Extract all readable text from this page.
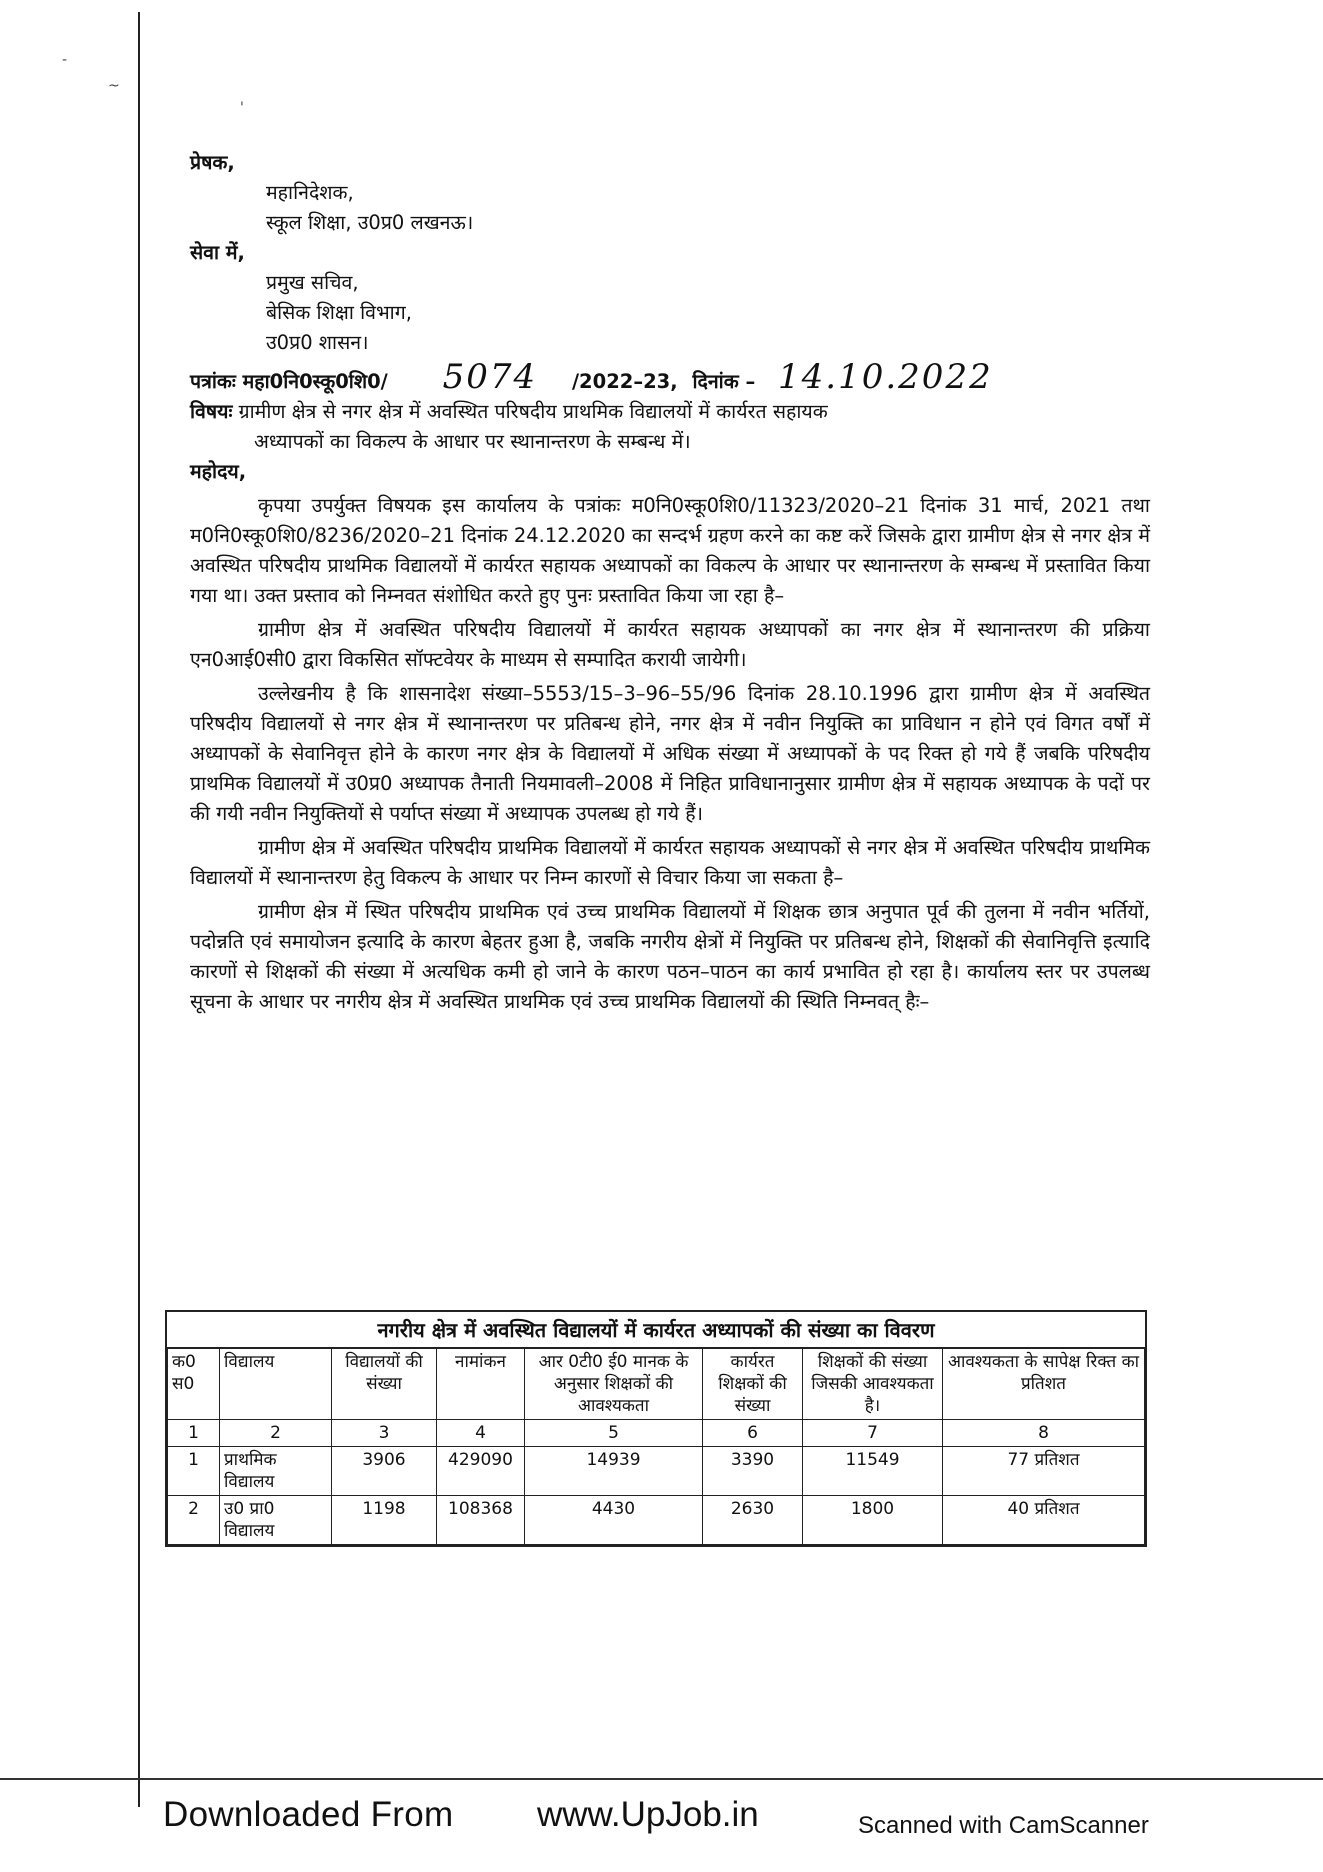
-
~
'

प्रेषक,

महानिदेशक,

स्कूल शिक्षा, उ0प्र0 लखनऊ।

सेवा में,

प्रमुख सचिव,

बेसिक शिक्षा विभाग,

उ0प्र0 शासन।

पत्रांकः महा0नि0स्कू0शि0/ 5074 /2022–23, दिनांक – 14.10.2022

विषयः ग्रामीण क्षेत्र से नगर क्षेत्र में अवस्थित परिषदीय प्राथमिक विद्यालयों में कार्यरत सहायक
अध्यापकों का विकल्प के आधार पर स्थानान्तरण के सम्बन्ध में।

महोदय,

कृपया उपर्युक्त विषयक इस कार्यालय के पत्रांकः म0नि0स्कू0शि0/11323/2020–21 दिनांक 31 मार्च, 2021 तथा म0नि0स्कू0शि0/8236/2020–21 दिनांक 24.12.2020 का सन्दर्भ ग्रहण करने का कष्ट करें जिसके द्वारा ग्रामीण क्षेत्र से नगर क्षेत्र में अवस्थित परिषदीय प्राथमिक विद्यालयों में कार्यरत सहायक अध्यापकों का विकल्प के आधार पर स्थानान्तरण के सम्बन्ध में प्रस्तावित किया गया था। उक्त प्रस्ताव को निम्नवत संशोधित करते हुए पुनः प्रस्तावित किया जा रहा है–

ग्रामीण क्षेत्र में अवस्थित परिषदीय विद्यालयों में कार्यरत सहायक अध्यापकों का नगर क्षेत्र में स्थानान्तरण की प्रक्रिया एन0आई0सी0 द्वारा विकसित सॉफ्टवेयर के माध्यम से सम्पादित करायी जायेगी।

उल्लेखनीय है कि शासनादेश संख्या–5553/15–3–96–55/96 दिनांक 28.10.1996 द्वारा ग्रामीण क्षेत्र में अवस्थित परिषदीय विद्यालयों से नगर क्षेत्र में स्थानान्तरण पर प्रतिबन्ध होने, नगर क्षेत्र में नवीन नियुक्ति का प्राविधान न होने एवं विगत वर्षों में अध्यापकों के सेवानिवृत्त होने के कारण नगर क्षेत्र के विद्यालयों में अधिक संख्या में अध्यापकों के पद रिक्त हो गये हैं जबकि परिषदीय प्राथमिक विद्यालयों में उ0प्र0 अध्यापक तैनाती नियमावली–2008 में निहित प्राविधानानुसार ग्रामीण क्षेत्र में सहायक अध्यापक के पदों पर की गयी नवीन नियुक्तियों से पर्याप्त संख्या में अध्यापक उपलब्ध हो गये हैं।

ग्रामीण क्षेत्र में अवस्थित परिषदीय प्राथमिक विद्यालयों में कार्यरत सहायक अध्यापकों से नगर क्षेत्र में अवस्थित परिषदीय प्राथमिक विद्यालयों में स्थानान्तरण हेतु विकल्प के आधार पर निम्न कारणों से विचार किया जा सकता है–

ग्रामीण क्षेत्र में स्थित परिषदीय प्राथमिक एवं उच्च प्राथमिक विद्यालयों में शिक्षक छात्र अनुपात पूर्व की तुलना में नवीन भर्तियों, पदोन्नति एवं समायोजन इत्यादि के कारण बेहतर हुआ है, जबकि नगरीय क्षेत्रों में नियुक्ति पर प्रतिबन्ध होने, शिक्षकों की सेवानिवृत्ति इत्यादि कारणों से शिक्षकों की संख्या में अत्यधिक कमी हो जाने के कारण पठन–पाठन का कार्य प्रभावित हो रहा है। कार्यालय स्तर पर उपलब्ध सूचना के आधार पर नगरीय क्षेत्र में अवस्थित प्राथमिक एवं उच्च प्राथमिक विद्यालयों की स्थिति निम्नवत् हैः–

नगरीय क्षेत्र में अवस्थित विद्यालयों में कार्यरत अध्यापकों की संख्या का विवरण
क0 स0	विद्यालय	विद्यालयों की संख्या	नामांकन	आर 0टी0 ई0 मानक के अनुसार शिक्षकों की आवश्यकता	कार्यरत शिक्षकों की संख्या	शिक्षकों की संख्या जिसकी आवश्यकता है।	आवश्यकता के सापेक्ष रिक्त का प्रतिशत
1	2	3	4	5	6	7	8
1	प्राथमिक विद्यालय	3906	429090	14939	3390	11549	77 प्रतिशत
2	उ0 प्रा0 विद्यालय	1198	108368	4430	2630	1800	40 प्रतिशत
Downloaded From www.UpJob.in	Scanned with CamScanner
